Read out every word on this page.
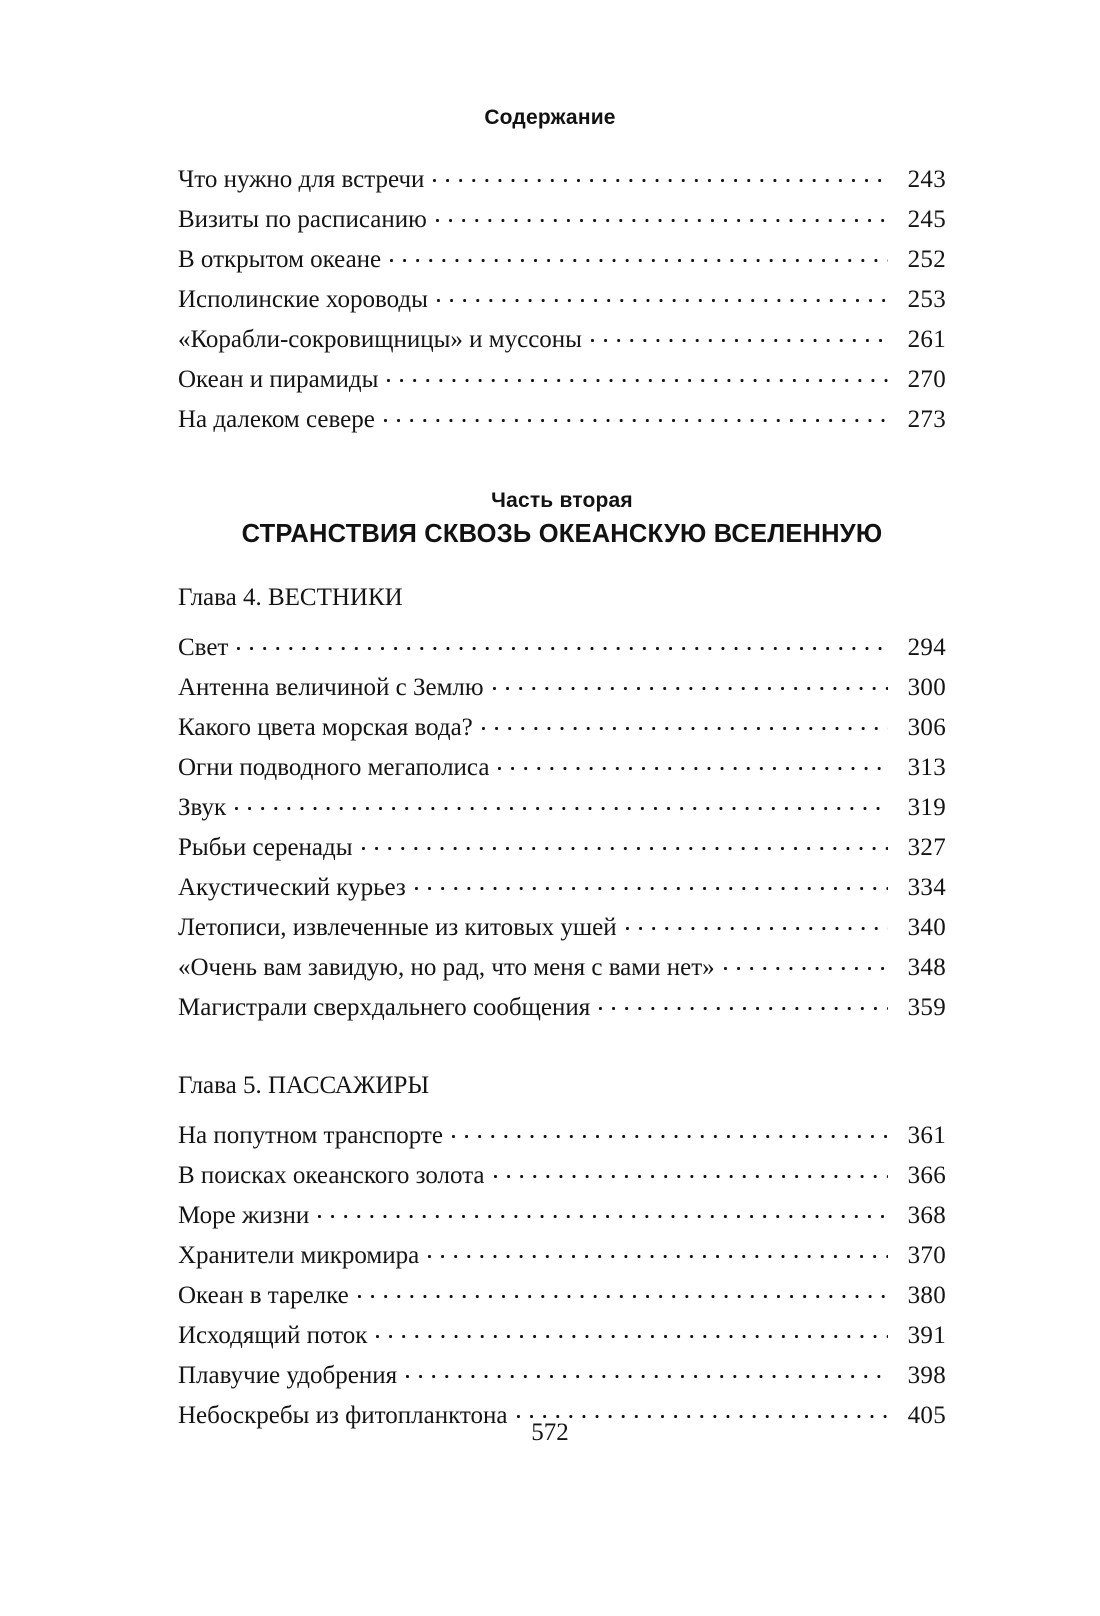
Содержание
Что нужно для встречи	243
Визиты по расписанию	245
В открытом океане	252
Исполинские хороводы	253
«Корабли-сокровищницы» и муссоны	261
Океан и пирамиды	270
На далеком севере	273
Часть вторая
СТРАНСТВИЯ СКВОЗЬ ОКЕАНСКУЮ ВСЕЛЕННУЮ
Глава 4. ВЕСТНИКИ
Свет	294
Антенна величиной с Землю	300
Какого цвета морская вода?	306
Огни подводного мегаполиса	313
Звук	319
Рыбьи серенады	327
Акустический курьез	334
Летописи, извлеченные из китовых ушей	340
«Очень вам завидую, но рад, что меня с вами нет»	348
Магистрали сверхдальнего сообщения	359
Глава 5. ПАССАЖИРЫ
На попутном транспорте	361
В поисках океанского золота	366
Море жизни	368
Хранители микромира	370
Океан в тарелке	380
Исходящий поток	391
Плавучие удобрения	398
Небоскребы из фитопланктона	405
572
